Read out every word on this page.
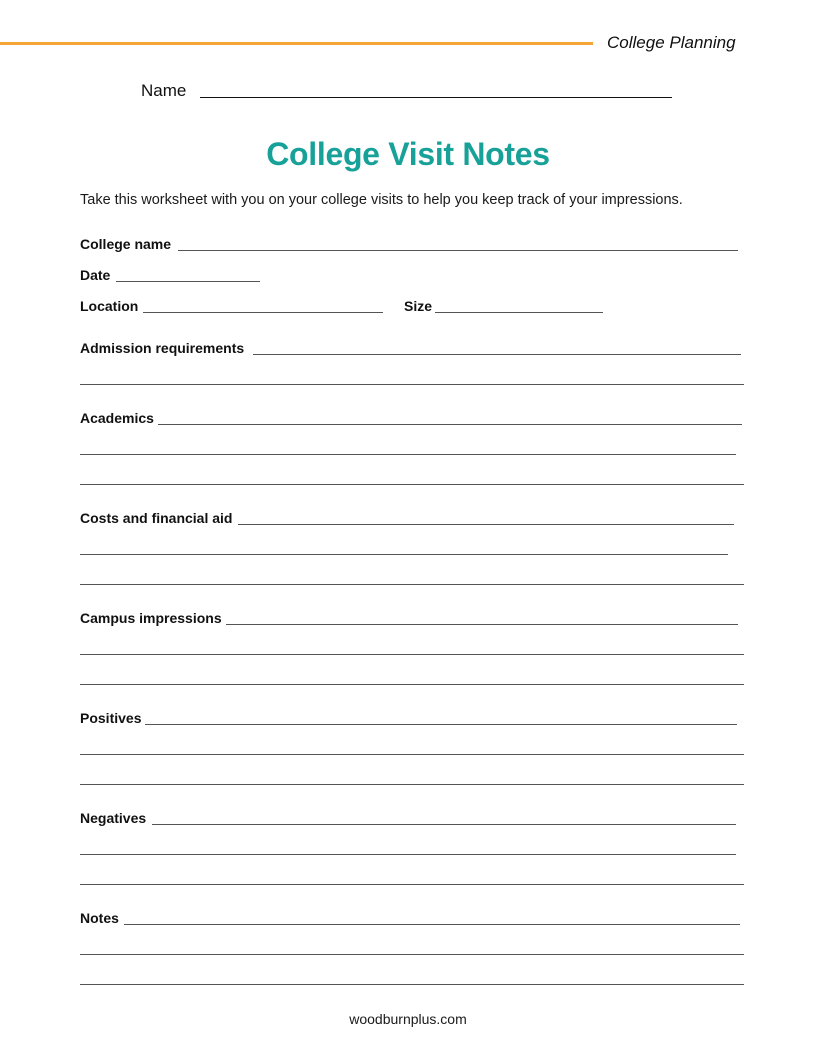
College Planning
Name
College Visit Notes
Take this worksheet with you on your college visits to help you keep track of your impressions.
College name
Date
Location	Size
Admission requirements
Academics
Costs and financial aid
Campus impressions
Positives
Negatives
Notes
woodburnplus.com
